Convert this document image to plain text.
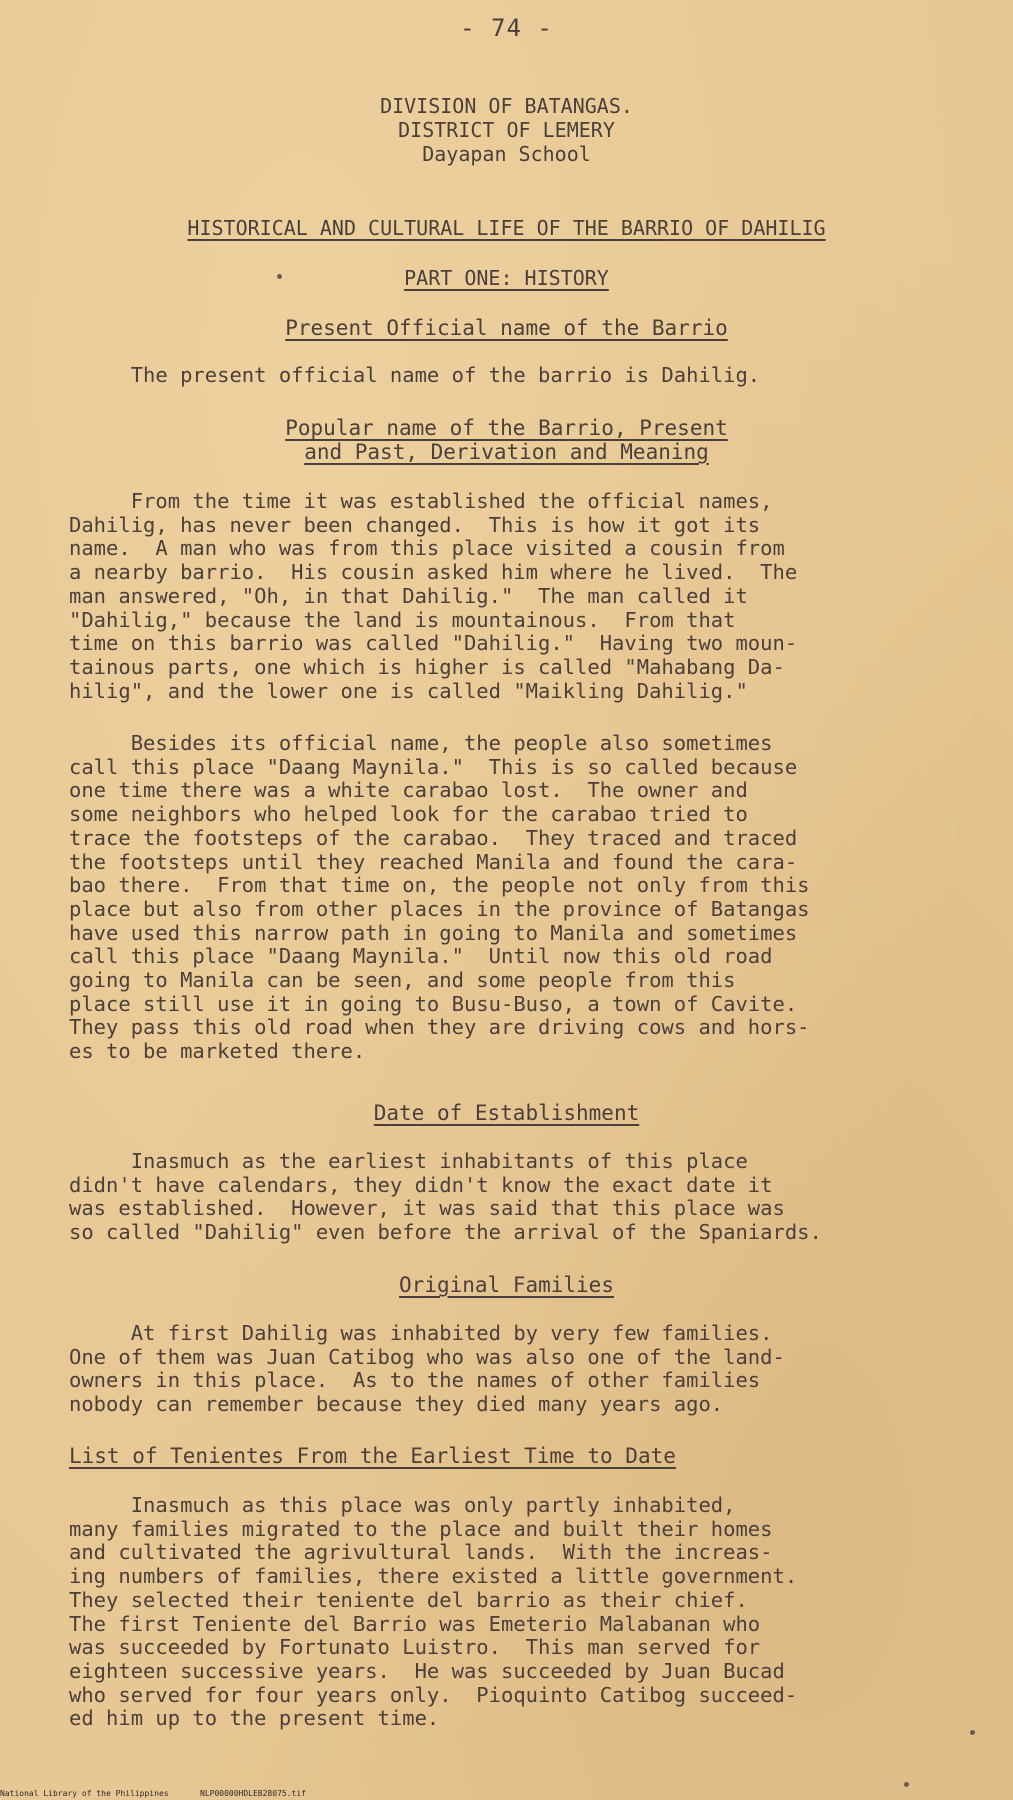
- 74 -
DIVISION OF BATANGAS.
DISTRICT OF LEMERY
Dayapan School
HISTORICAL AND CULTURAL LIFE OF THE BARRIO OF DAHILIG
PART ONE: HISTORY
Present Official name of the Barrio
The present official name of the barrio is Dahilig.
Popular name of the Barrio, Present
and Past, Derivation and Meaning
From the time it was established the official names,
Dahilig, has never been changed.  This is how it got its
name.  A man who was from this place visited a cousin from
a nearby barrio.  His cousin asked him where he lived.  The
man answered, "Oh, in that Dahilig."  The man called it
"Dahilig," because the land is mountainous.  From that
time on this barrio was called "Dahilig."  Having two moun-
tainous parts, one which is higher is called "Mahabang Da-
hilig", and the lower one is called "Maikling Dahilig."
Besides its official name, the people also sometimes
call this place "Daang Maynila."  This is so called because
one time there was a white carabao lost.  The owner and
some neighbors who helped look for the carabao tried to
trace the footsteps of the carabao.  They traced and traced
the footsteps until they reached Manila and found the cara-
bao there.  From that time on, the people not only from this
place but also from other places in the province of Batangas
have used this narrow path in going to Manila and sometimes
call this place "Daang Maynila."  Until now this old road
going to Manila can be seen, and some people from this
place still use it in going to Busu-Buso, a town of Cavite.
They pass this old road when they are driving cows and hors-
es to be marketed there.
Date of Establishment
Inasmuch as the earliest inhabitants of this place
didn't have calendars, they didn't know the exact date it
was established.  However, it was said that this place was
so called "Dahilig" even before the arrival of the Spaniards.
Original Families
At first Dahilig was inhabited by very few families.
One of them was Juan Catibog who was also one of the land-
owners in this place.  As to the names of other families
nobody can remember because they died many years ago.
List of Tenientes From the Earliest Time to Date
Inasmuch as this place was only partly inhabited,
many families migrated to the place and built their homes
and cultivated the agrivultural lands.  With the increas-
ing numbers of families, there existed a little government.
They selected their teniente del barrio as their chief.
The first Teniente del Barrio was Emeterio Malabanan who
was succeeded by Fortunato Luistro.  This man served for
eighteen successive years.  He was succeeded by Juan Bucad
who served for four years only.  Pioquinto Catibog succeed-
ed him up to the present time.
National Library of the Philippines	NLP00000HDLEB28075.tif
